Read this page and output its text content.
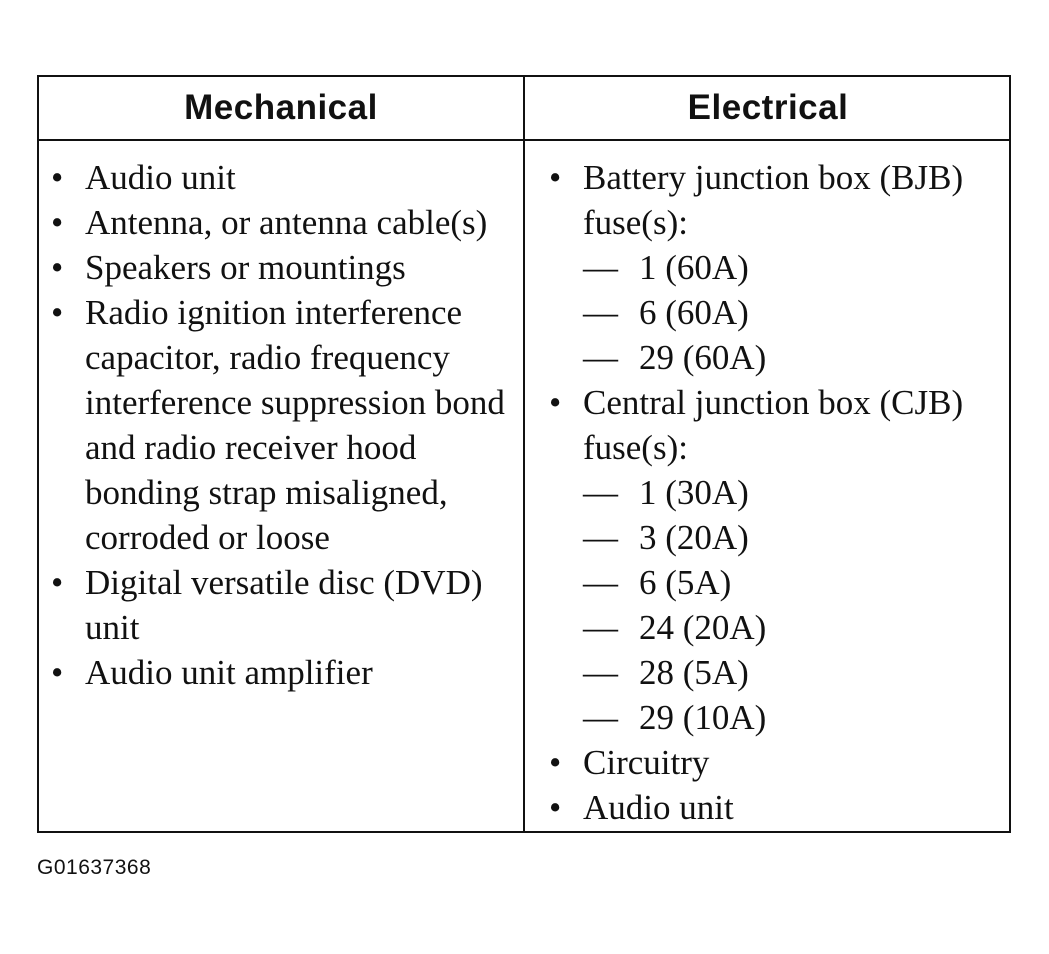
Mechanical	Electrical
• Audio unit
• Antenna, or antenna cable(s)
• Speakers or mountings
• Radio ignition interference capacitor, radio frequency interference suppression bond and radio receiver hood bonding strap misaligned, corroded or loose
• Digital versatile disc (DVD) unit
• Audio unit amplifier
• Battery junction box (BJB) fuse(s):
— 1 (60A)
— 6 (60A)
— 29 (60A)
• Central junction box (CJB) fuse(s):
— 1 (30A)
— 3 (20A)
— 6 (5A)
— 24 (20A)
— 28 (5A)
— 29 (10A)
• Circuitry
• Audio unit
G01637368
